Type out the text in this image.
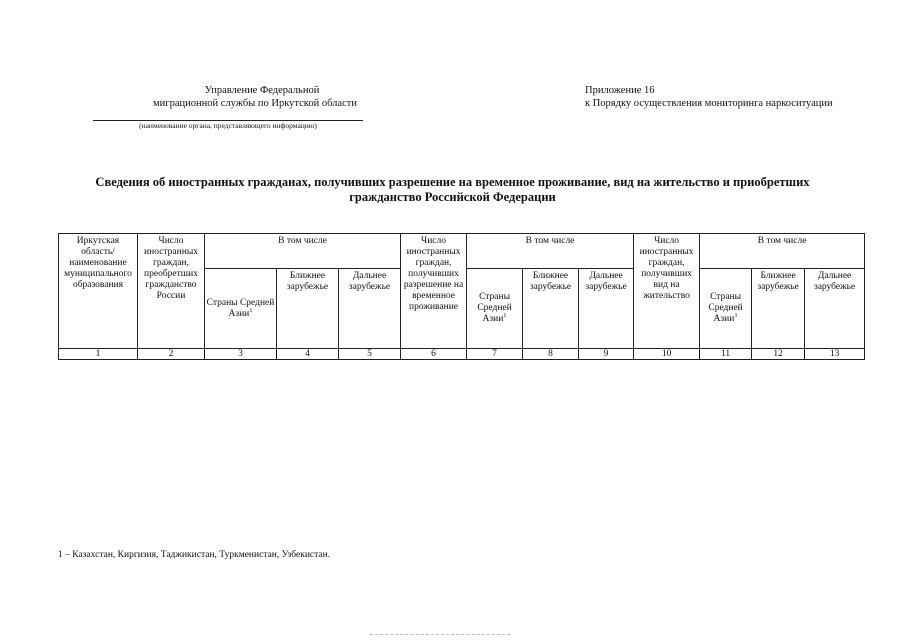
Управление Федеральной
миграционной службы по Иркутской области
(наименование органа, представляющего информацию)
Приложение 16
к Порядку осуществления мониторинга наркоситуации
Сведения об иностранных гражданах, получивших разрешение на временное проживание, вид на жительство и приобретших гражданство Российской Федерации
Иркутская область/ наименование муниципального образования	Число иностранных граждан, преобретших гражданство России	В том числе			Число иностранных граждан, получивших разрешение на временное проживание	В том числе			Число иностранных граждан, получивших вид на жительство	В том числе		
		Страны Средней Азии$^1$	Ближнее зарубежье	Дальнее зарубежье		Страны Средней Азии$^1$	Ближнее зарубежье	Дальнее зарубежье		Страны Средней Азии$^1$	Ближнее зарубежье	Дальнее зарубежье
1	2	3	4	5	6	7	8	9	10	11	12	13
1 – Казахстан, Киргизия, Таджикистан, Туркменистан, Узбекистан.
